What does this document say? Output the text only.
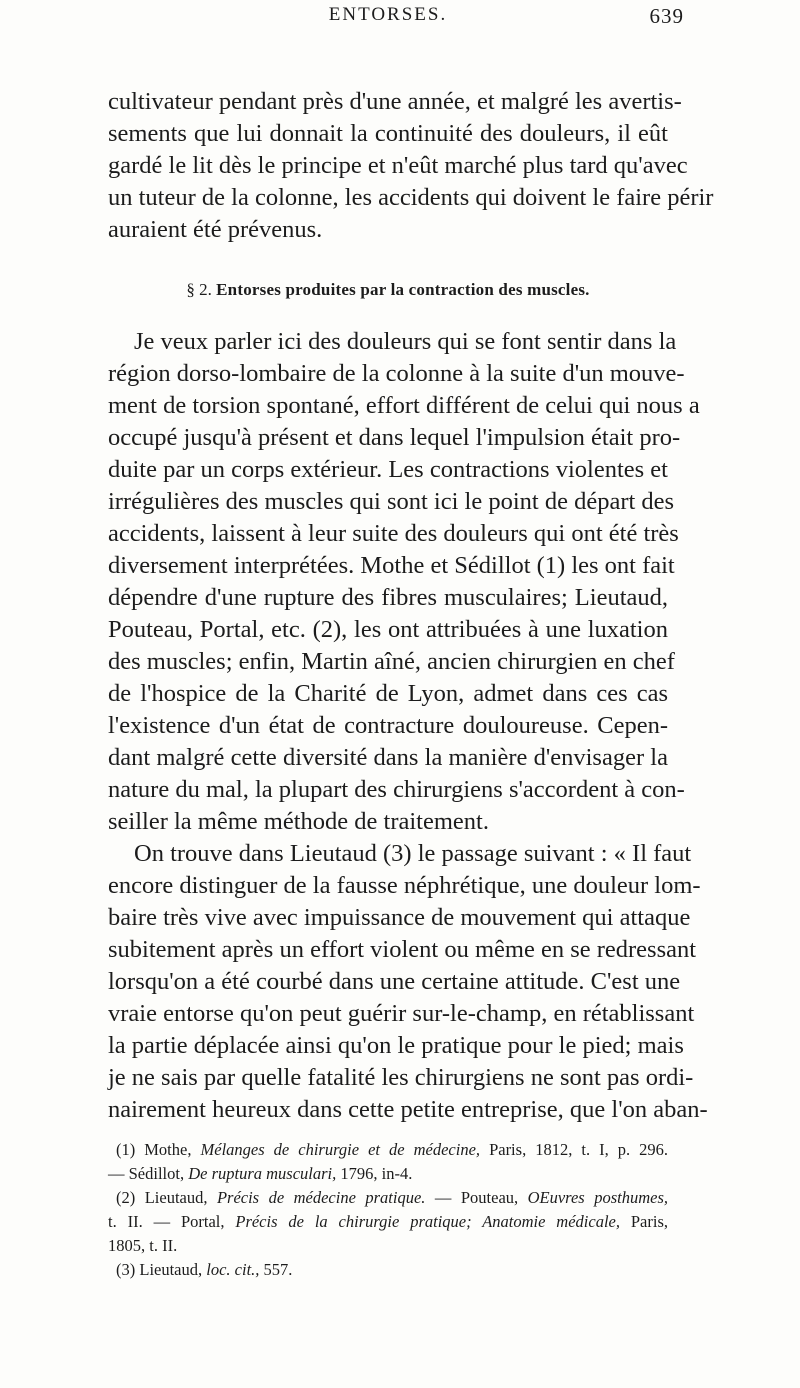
ENTORSES.	639
cultivateur pendant près d'une année, et malgré les avertis-
sements que lui donnait la continuité des douleurs, il eût
gardé le lit dès le principe et n'eût marché plus tard qu'avec
un tuteur de la colonne, les accidents qui doivent le faire périr
auraient été prévenus.
§ 2. Entorses produites par la contraction des muscles.
Je veux parler ici des douleurs qui se font sentir dans la
région dorso-lombaire de la colonne à la suite d'un mouve-
ment de torsion spontané, effort différent de celui qui nous a
occupé jusqu'à présent et dans lequel l'impulsion était pro-
duite par un corps extérieur. Les contractions violentes et
irrégulières des muscles qui sont ici le point de départ des
accidents, laissent à leur suite des douleurs qui ont été très
diversement interprétées. Mothe et Sédillot (1) les ont fait
dépendre d'une rupture des fibres musculaires; Lieutaud,
Pouteau, Portal, etc. (2), les ont attribuées à une luxation
des muscles; enfin, Martin aîné, ancien chirurgien en chef
de l'hospice de la Charité de Lyon, admet dans ces cas
l'existence d'un état de contracture douloureuse. Cepen-
dant malgré cette diversité dans la manière d'envisager la
nature du mal, la plupart des chirurgiens s'accordent à con-
seiller la même méthode de traitement.
On trouve dans Lieutaud (3) le passage suivant : « Il faut
encore distinguer de la fausse néphrétique, une douleur lom-
baire très vive avec impuissance de mouvement qui attaque
subitement après un effort violent ou même en se redressant
lorsqu'on a été courbé dans une certaine attitude. C'est une
vraie entorse qu'on peut guérir sur-le-champ, en rétablissant
la partie déplacée ainsi qu'on le pratique pour le pied; mais
je ne sais par quelle fatalité les chirurgiens ne sont pas ordi-
nairement heureux dans cette petite entreprise, que l'on aban-
(1) Mothe, Mélanges de chirurgie et de médecine, Paris, 1812, t. I, p. 296.
— Sédillot, De ruptura musculari, 1796, in-4.
(2) Lieutaud, Précis de médecine pratique. — Pouteau, OEuvres posthumes,
t. II. — Portal, Précis de la chirurgie pratique; Anatomie médicale, Paris,
1805, t. II.
(3) Lieutaud, loc. cit., 557.
